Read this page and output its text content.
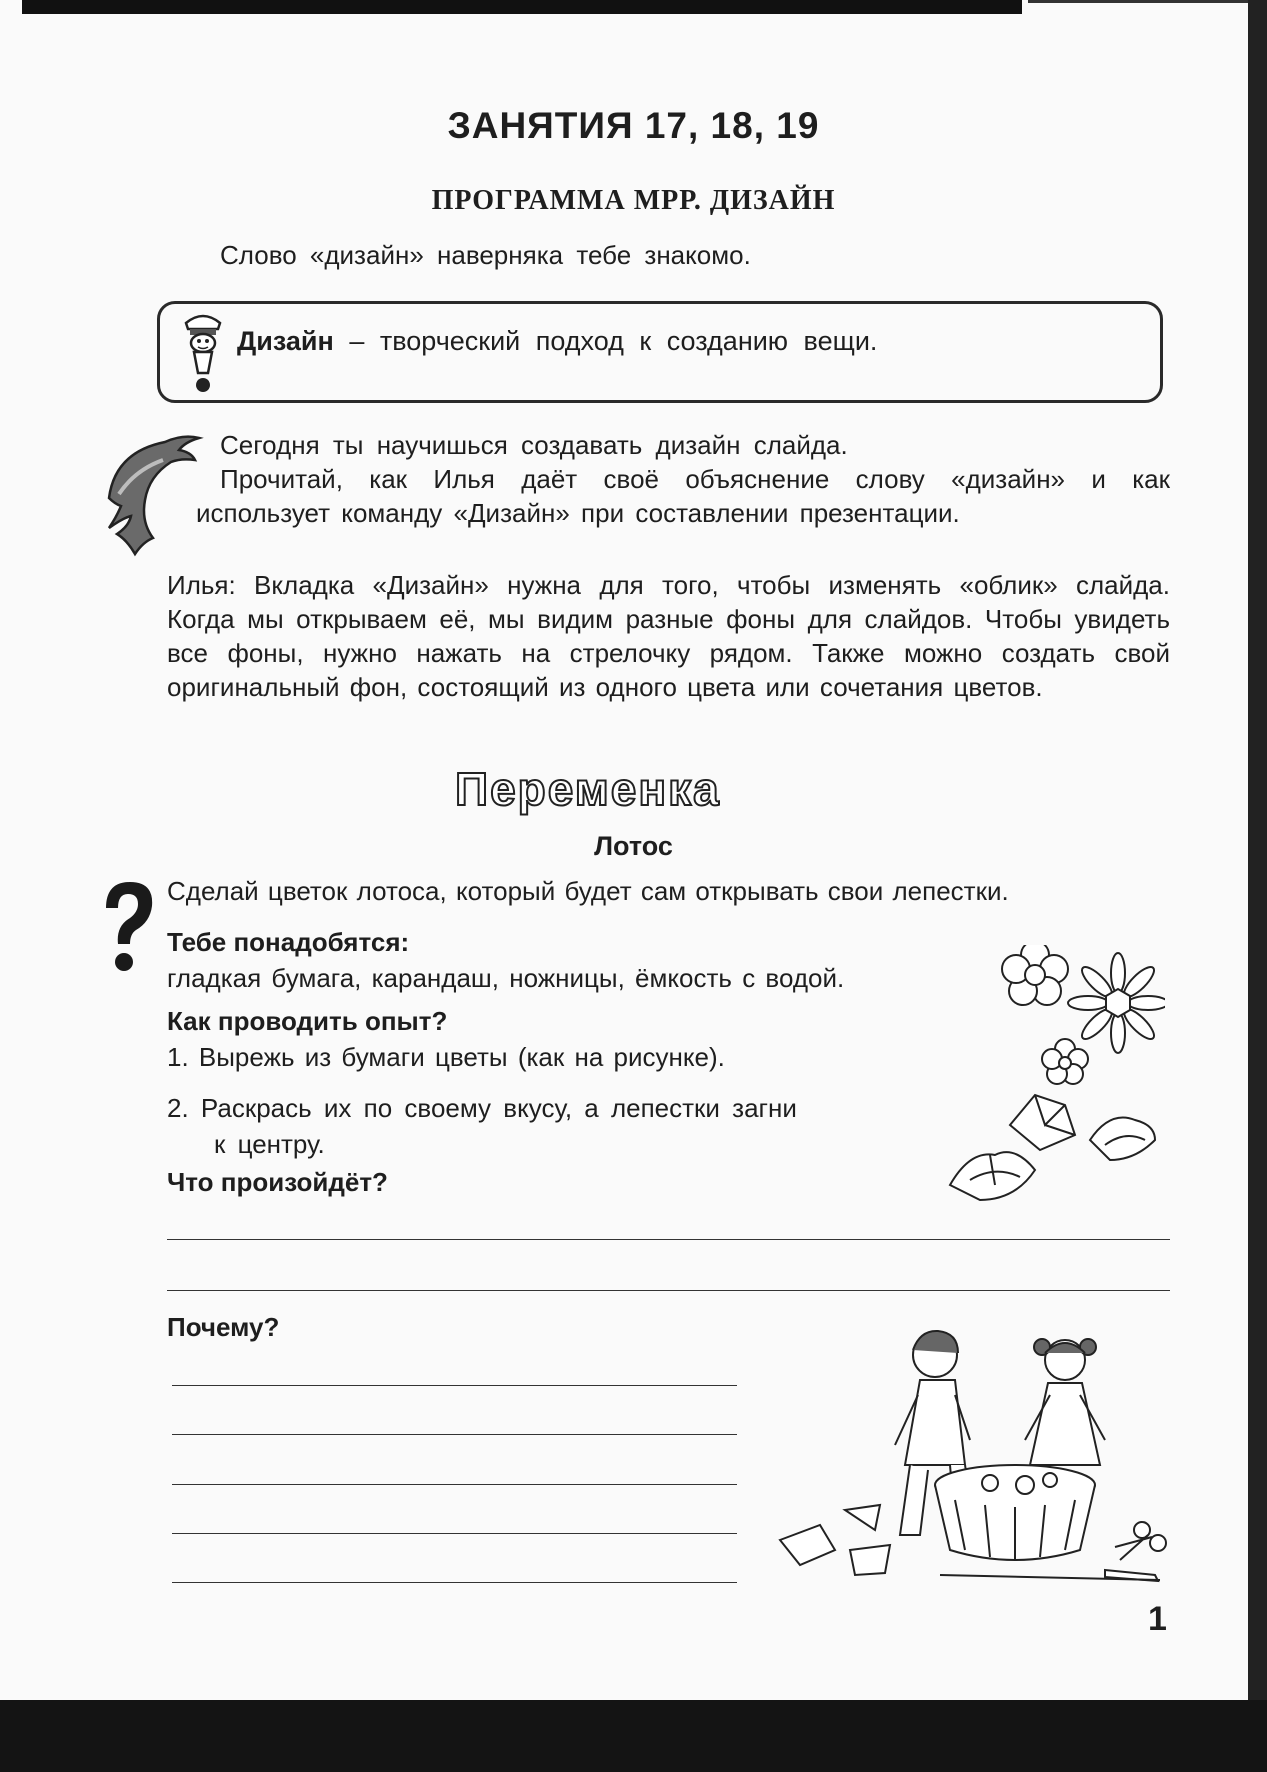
ЗАНЯТИЯ 17, 18, 19
ПРОГРАММА МРР. ДИЗАЙН
Слово «дизайн» наверняка тебе знакомо.
Дизайн – творческий подход к созданию вещи.
Сегодня ты научишься создавать дизайн слайда.
Прочитай, как Илья даёт своё объяснение слову «дизайн» и как использует команду «Дизайн» при составлении презентации.
Илья: Вкладка «Дизайн» нужна для того, чтобы изменять «облик» слайда. Когда мы открываем её, мы видим разные фоны для слайдов. Чтобы увидеть все фоны, нужно нажать на стрелочку рядом. Также можно создать свой оригинальный фон, состоящий из одного цвета или сочетания цветов.
Переменка
Лотос
Сделай цветок лотоса, который будет сам открывать свои лепестки.
Тебе понадобятся:
гладкая бумага, карандаш, ножницы, ёмкость с водой.
Как проводить опыт?
1. Вырежь из бумаги цветы (как на рисунке).
2. Раскрась их по своему вкусу, а лепестки загни
к центру.
Что произойдёт?
Почему?
1
